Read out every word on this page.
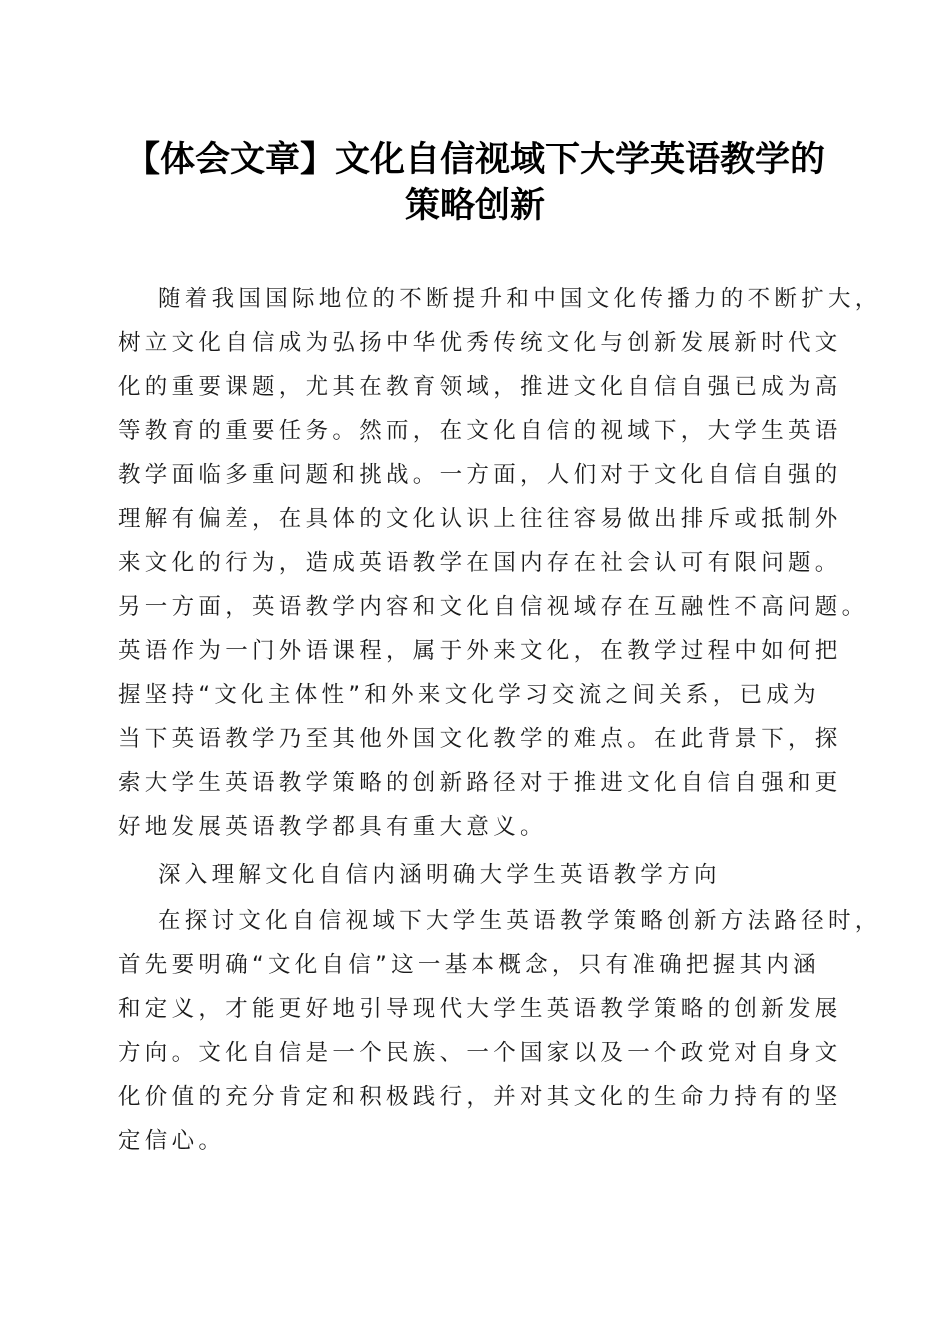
【体会文章】文化自信视域下大学英语教学的
策略创新
随着我国国际地位的不断提升和中国文化传播力的不断扩大，
树立文化自信成为弘扬中华优秀传统文化与创新发展新时代文
化的重要课题，尤其在教育领域，推进文化自信自强已成为高
等教育的重要任务。然而，在文化自信的视域下，大学生英语
教学面临多重问题和挑战。一方面，人们对于文化自信自强的
理解有偏差，在具体的文化认识上往往容易做出排斥或抵制外
来文化的行为，造成英语教学在国内存在社会认可有限问题。
另一方面，英语教学内容和文化自信视域存在互融性不高问题。
英语作为一门外语课程，属于外来文化，在教学过程中如何把
握坚持“文化主体性”和外来文化学习交流之间关系，已成为
当下英语教学乃至其他外国文化教学的难点。在此背景下，探
索大学生英语教学策略的创新路径对于推进文化自信自强和更
好地发展英语教学都具有重大意义。
深入理解文化自信内涵明确大学生英语教学方向
在探讨文化自信视域下大学生英语教学策略创新方法路径时，
首先要明确“文化自信”这一基本概念，只有准确把握其内涵
和定义，才能更好地引导现代大学生英语教学策略的创新发展
方向。文化自信是一个民族、一个国家以及一个政党对自身文
化价值的充分肯定和积极践行，并对其文化的生命力持有的坚
定信心。
